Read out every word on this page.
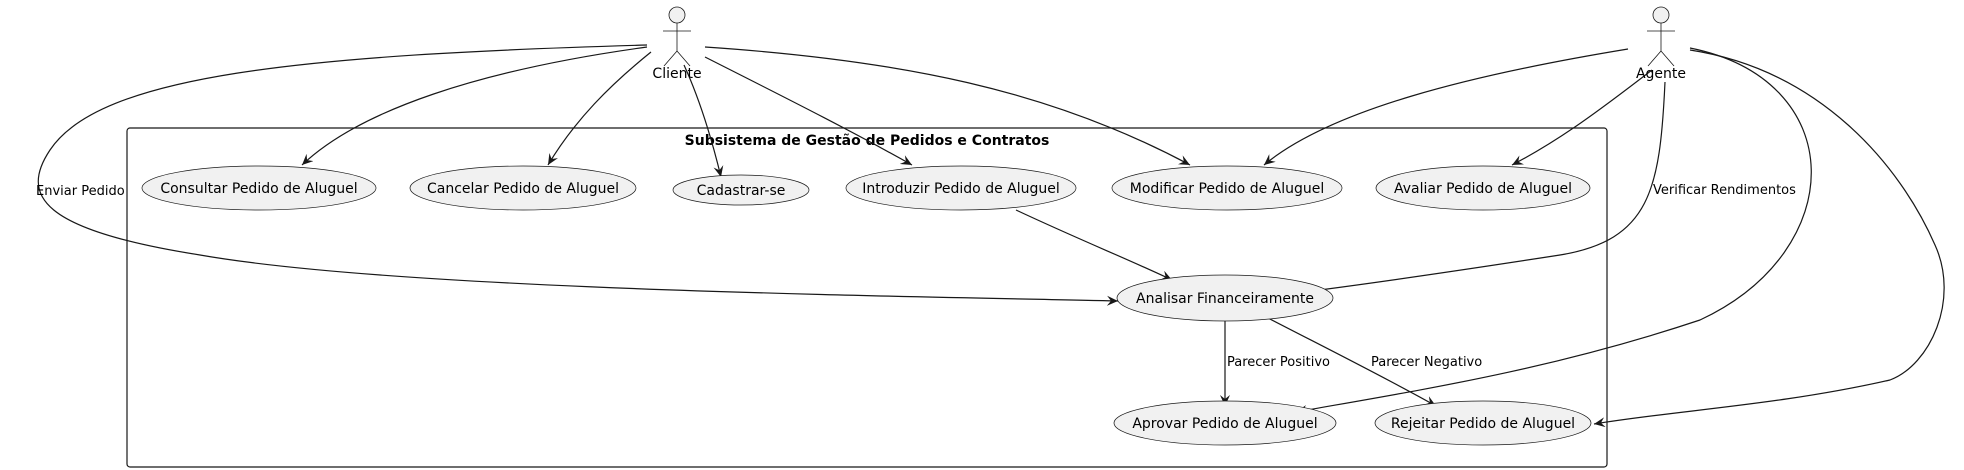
Subsistema de Gestão de Pedidos e Contratos
Enviar Pedido	Verificar Rendimentos
Parecer Positivo	Parecer Negativo
Consultar Pedido de Aluguel	Cancelar Pedido de Aluguel	Cadastrar-se	Introduzir Pedido de Aluguel	Modificar Pedido de Aluguel	Avaliar Pedido de Aluguel
Analisar Financeiramente
Aprovar Pedido de Aluguel	Rejeitar Pedido de Aluguel
Cliente	Agente
